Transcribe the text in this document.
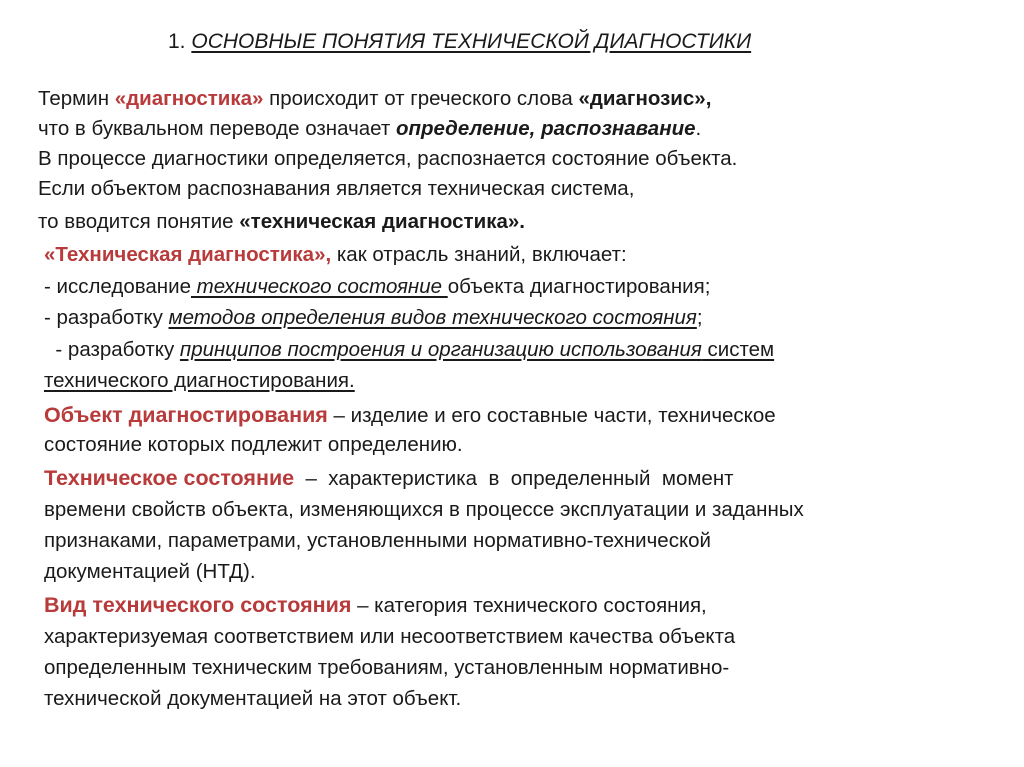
1. ОСНОВНЫЕ ПОНЯТИЯ ТЕХНИЧЕСКОЙ ДИАГНОСТИКИ
Термин «диагностика» происходит от греческого слова «диагнозис»,
что в буквальном переводе означает определение, распознавание.
В процессе диагностики определяется, распознается состояние объекта.
Если объектом распознавания является техническая система,
то вводится понятие «техническая диагностика».
«Техническая диагностика», как отрасль знаний, включает:
- исследование технического состояние объекта диагностирования;
- разработку методов определения видов технического состояния;
- разработку принципов построения и организацию использования систем
технического диагностирования.
Объект диагностирования – изделие и его составные части, техническое
состояние которых подлежит определению.
Техническое состояние  –  характеристика  в  определенный  момент
времени свойств объекта, изменяющихся в процессе эксплуатации и заданных
признаками, параметрами, установленными нормативно-технической
документацией (НТД).
Вид технического состояния – категория технического состояния,
характеризуемая соответствием или несоответствием качества объекта
определенным техническим требованиям, установленным нормативно-
технической документацией на этот объект.
